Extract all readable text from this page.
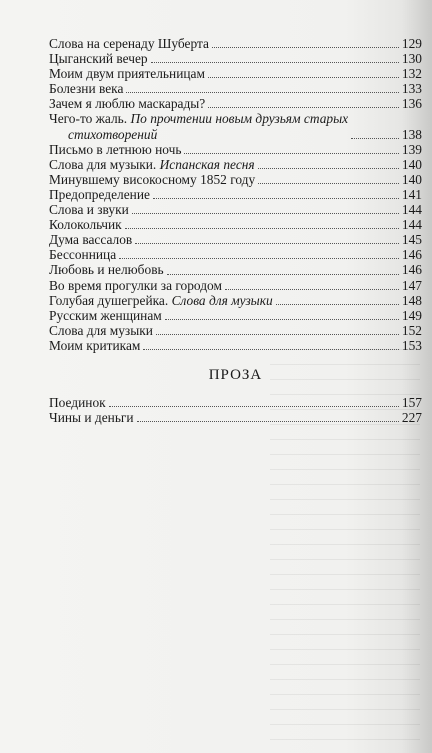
Слова на серенаду Шуберта	129
Цыганский вечер	130
Моим двум приятельницам	132
Болезни века	133
Зачем я люблю маскарады?	136
Чего-то жаль. По прочтении новым друзьям старых
стихотворений	138
Письмо в летнюю ночь	139
Слова для музыки. Испанская песня	140
Минувшему високосному 1852 году	140
Предопределение	141
Слова и звуки	144
Колокольчик	144
Дума вассалов	145
Бессонница	146
Любовь и нелюбовь	146
Во время прогулки за городом	147
Голубая душегрейка. Слова для музыки	148
Русским женщинам	149
Слова для музыки	152
Моим критикам	153
ПРОЗА
Поединок	157
Чины и деньги	227
